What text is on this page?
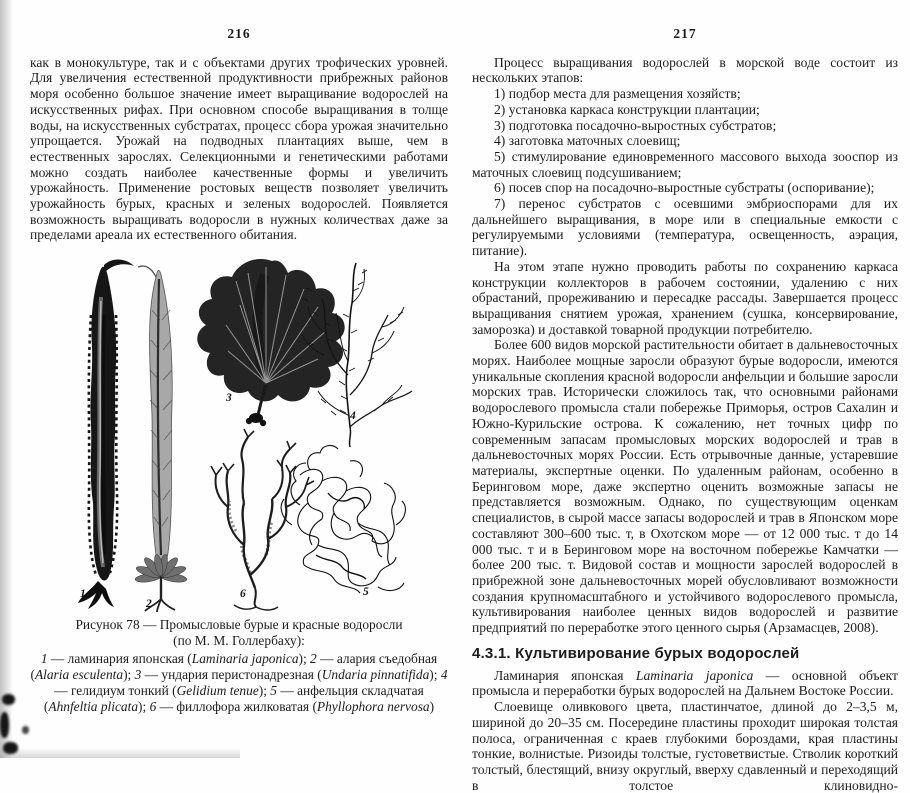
216

как в монокультуре, так и с объектами других трофических уровней. Для увеличения естественной продуктивности прибрежных районов моря особенно большое значение имеет выращивание водорослей на искусственных рифах. При основном способе выращивания в толще воды, на искусственных субстратах, процесс сбора урожая значительно упрощается. Урожай на подводных плантациях выше, чем в естественных зарослях. Селекционными и генетическими работами можно создать наиболее качественные формы и увеличить урожайность. Применение ростовых веществ позволяет увеличить урожайность бурых, красных и зеленых водорослей. Появляется возможность выращивать водоросли в нужных количествах даже за пределами ареала их естественного обитания.

1
2
3
4
5
6

Рисунок 78 — Промысловые бурые и красные водоросли

(по М. М. Голлербаху):

1 — ламинария японская (Laminaria japonica); 2 — алария съедобная (Alaria esculenta); 3 — ундария перистонадрезная (Undaria pinnatifida); 4 — гелидиум тонкий (Gelidium tenue); 5 — анфельция складчатая (Ahnfeltia plicata); 6 — филлофора жилковатая (Phyllophora nervosa)

217

Процесс выращивания водорослей в морской воде состоит из нескольких этапов:

1) подбор места для размещения хозяйств;

2) установка каркаса конструкции плантации;

3) подготовка посадочно-выростных субстратов;

4) заготовка маточных слоевищ;

5) стимулирование единовременного массового выхода зооспор из маточных слоевищ подсушиванием;

6) посев спор на посадочно-выростные субстраты (оспоривание);

7) перенос субстратов с осевшими эмбриоспорами для их дальнейшего выращивания, в море или в специальные емкости с регулируемыми условиями (температура, освещенность, аэрация, питание).

На этом этапе нужно проводить работы по сохранению каркаса конструкции коллекторов в рабочем состоянии, удалению с них обрастаний, прореживанию и пересадке рассады. Завершается процесс выращивания снятием урожая, хранением (сушка, консервирование, заморозка) и доставкой товарной продукции потребителю.

Более 600 видов морской растительности обитает в дальневосточных морях. Наиболее мощные заросли образуют бурые водоросли, имеются уникальные скопления красной водоросли анфельции и большие заросли морских трав. Исторически сложилось так, что основными районами водорослевого промысла стали побережье Приморья, остров Сахалин и Южно-Курильские острова. К сожалению, нет точных цифр по современным запасам промысловых морских водорослей и трав в дальневосточных морях России. Есть отрывочные данные, устаревшие материалы, экспертные оценки. По удаленным районам, особенно в Беринговом море, даже экспертно оценить возможные запасы не представляется возможным. Однако, по существующим оценкам специалистов, в сырой массе запасы водорослей и трав в Японском море составляют 300–600 тыс. т, в Охотском море — от 12 000 тыс. т до 14 000 тыс. т и в Беринговом море на восточном побережье Камчатки — более 200 тыс. т. Видовой состав и мощности зарослей водорослей в прибрежной зоне дальневосточных морей обусловливают возможности создания крупномасштабного и устойчивого водорослевого промысла, культивирования наиболее ценных видов водорослей и развитие предприятий по переработке этого ценного сырья (Арзамасцев, 2008).

4.3.1. Культивирование бурых водорослей

Ламинария японская Laminaria japonica — основной объект промысла и переработки бурых водорослей на Дальнем Востоке России.

Слоевище оливкового цвета, пластинчатое, длиной до 2–3,5 м, шириной до 20–35 см. Посередине пластины проходит широкая толстая полоса, ограниченная с краев глубокими бороздами, края пластины тонкие, волнистые. Ризоиды толстые, густоветвистые. Стволик короткий толстый, блестящий, внизу округлый, вверху сдавленный и переходящий в толстое клиновидно-
